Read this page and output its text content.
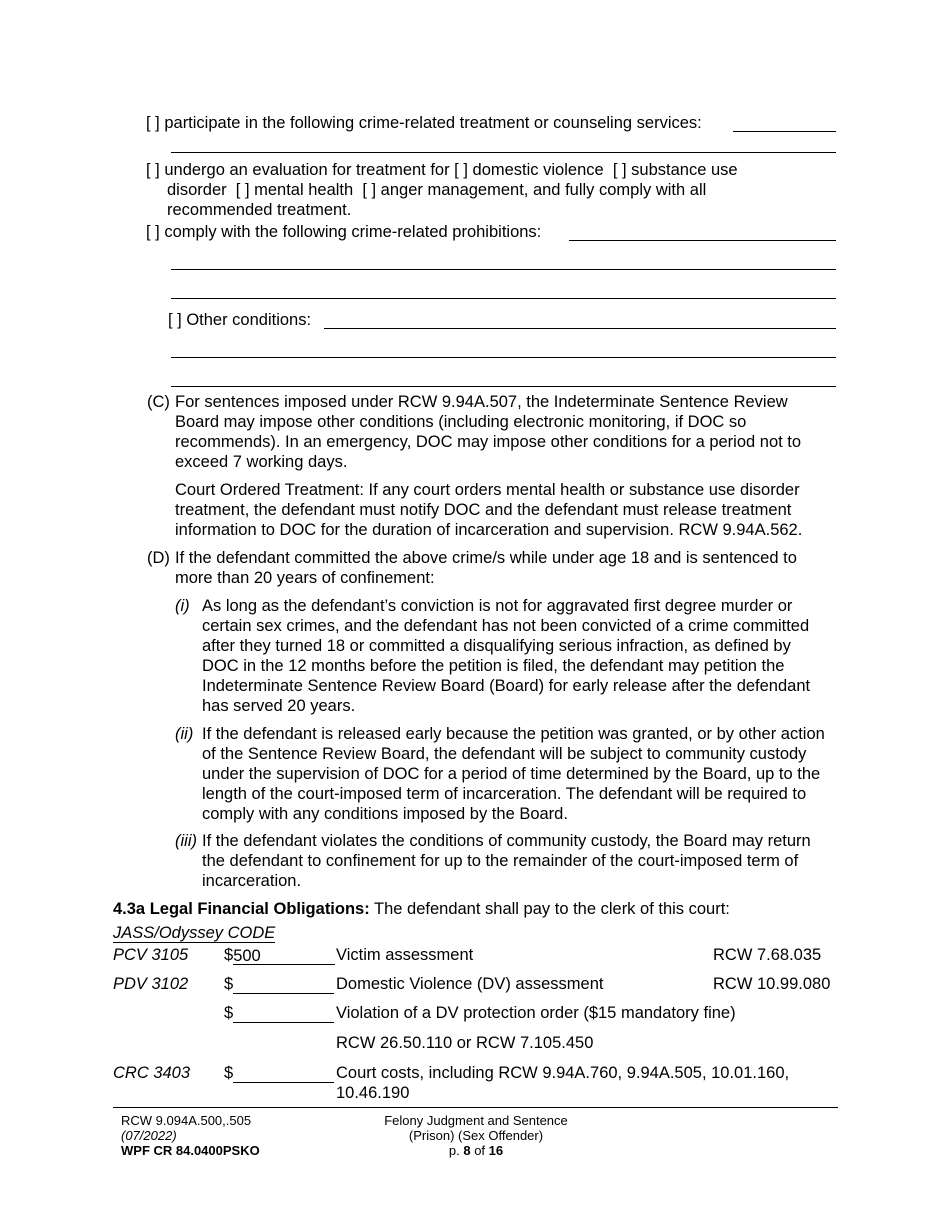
[ ] participate in the following crime-related treatment or counseling services:
[ ] undergo an evaluation for treatment for [ ] domestic violence  [ ] substance use
disorder  [ ] mental health  [ ] anger management, and fully comply with all
recommended treatment.
[ ] comply with the following crime-related prohibitions:
[ ] Other conditions:
(C) For sentences imposed under RCW 9.94A.507, the Indeterminate Sentence Review
Board may impose other conditions (including electronic monitoring, if DOC so
recommends). In an emergency, DOC may impose other conditions for a period not to
exceed 7 working days.
Court Ordered Treatment: If any court orders mental health or substance use disorder
treatment, the defendant must notify DOC and the defendant must release treatment
information to DOC for the duration of incarceration and supervision. RCW 9.94A.562.
(D) If the defendant committed the above crime/s while under age 18 and is sentenced to
more than 20 years of confinement:
(i) As long as the defendant’s conviction is not for aggravated first degree murder or
certain sex crimes, and the defendant has not been convicted of a crime committed
after they turned 18 or committed a disqualifying serious infraction, as defined by
DOC in the 12 months before the petition is filed, the defendant may petition the
Indeterminate Sentence Review Board (Board) for early release after the defendant
has served 20 years.
(ii) If the defendant is released early because the petition was granted, or by other action
of the Sentence Review Board, the defendant will be subject to community custody
under the supervision of DOC for a period of time determined by the Board, up to the
length of the court-imposed term of incarceration. The defendant will be required to
comply with any conditions imposed by the Board.
(iii) If the defendant violates the conditions of community custody, the Board may return
the defendant to confinement for up to the remainder of the court-imposed term of
incarceration.
4.3a Legal Financial Obligations: The defendant shall pay to the clerk of this court:
JASS/Odyssey CODE
PCV 3105 $500	Victim assessment	RCW 7.68.035
PDV 3102 $	Domestic Violence (DV) assessment	RCW 10.99.080
$	Violation of a DV protection order ($15 mandatory fine)
RCW 26.50.110 or RCW 7.105.450
CRC 3403 $	Court costs, including RCW 9.94A.760, 9.94A.505, 10.01.160,
10.46.190
RCW 9.094A.500,.505
(07/2022)
WPF CR 84.0400PSKO
Felony Judgment and Sentence
(Prison) (Sex Offender)
p. 8 of 16
